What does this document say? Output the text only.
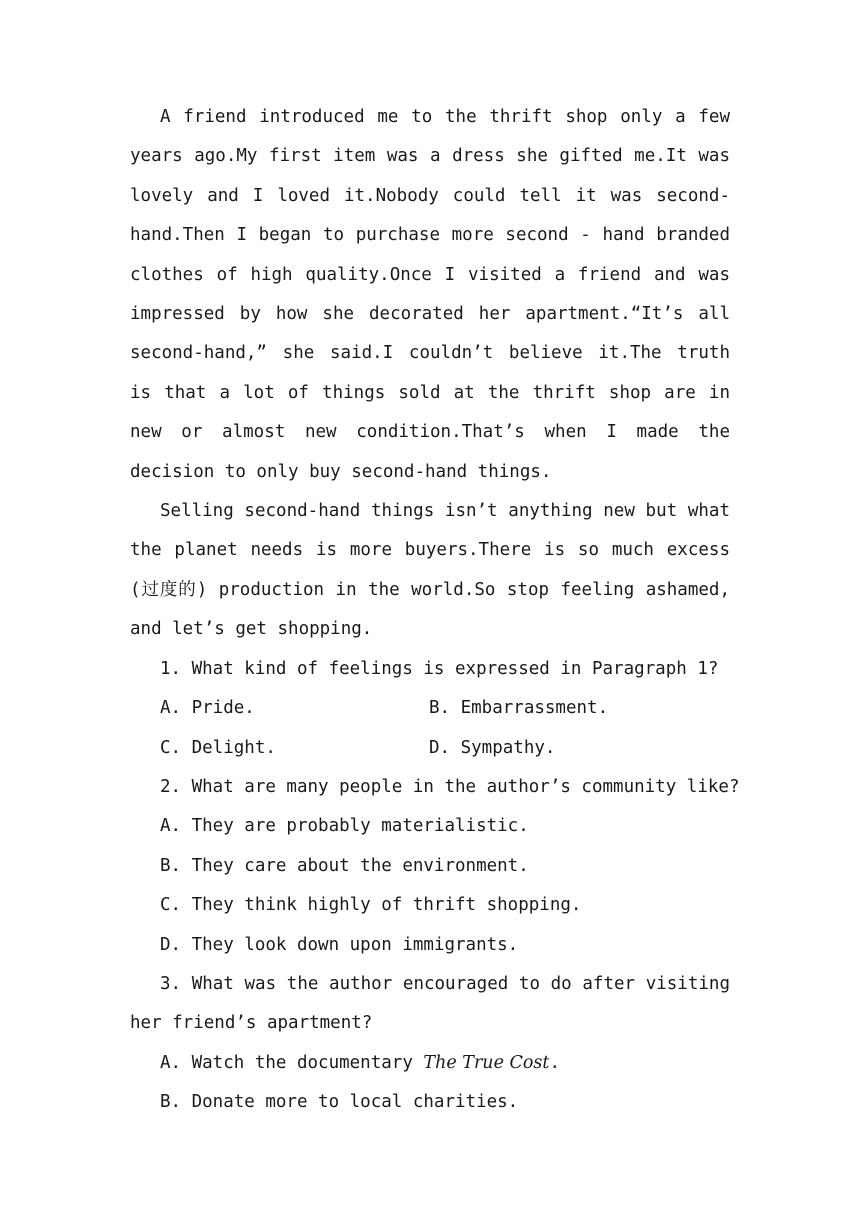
A friend introduced me to the thrift shop only a few years ago.My first item was a dress she gifted me.It was lovely and I loved it.Nobody could tell it was second-hand.Then I began to purchase more second - hand branded clothes of high quality.Once I visited a friend and was impressed by how she decorated her apartment.“It’s all second-hand,” she said.I couldn’t believe it.The truth is that a lot of things sold at the thrift shop are in new or almost new condition.That’s when I made the decision to only buy second-hand things.

Selling second-hand things isn’t anything new but what the planet needs is more buyers.There is so much excess (过度的) production in the world.So stop feeling ashamed, and let’s get shopping.

1. What kind of feelings is expressed in Paragraph 1?

A. Pride.	B. Embarrassment.
C. Delight.	D. Sympathy.

2. What are many people in the author’s community like?

A. They are probably materialistic.

B. They care about the environment.

C. They think highly of thrift shopping.

D. They look down upon immigrants.

3. What was the author encouraged to do after visiting her friend’s apartment?

A. Watch the documentary The True Cost.

B. Donate more to local charities.
